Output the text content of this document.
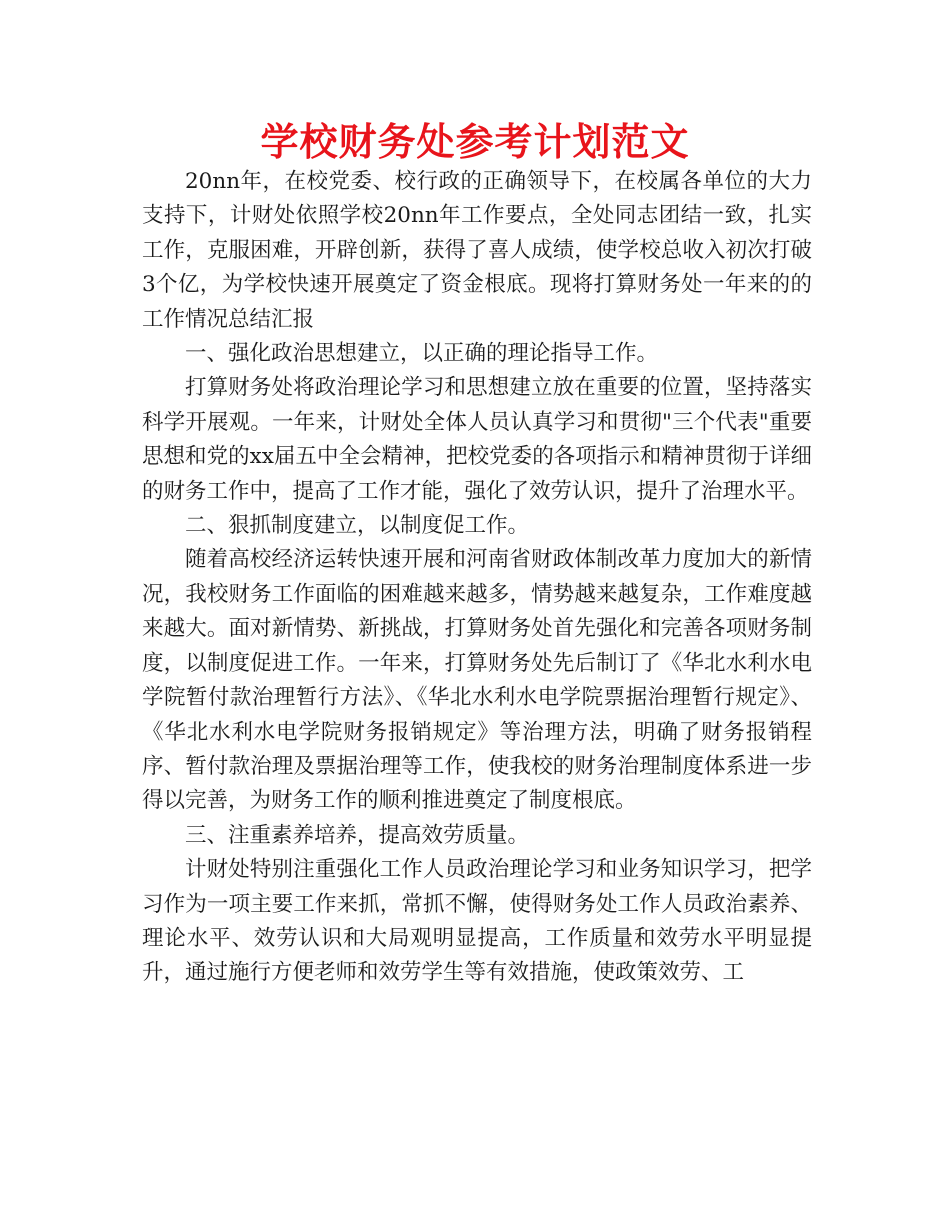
学校财务处参考计划范文

20nn年，在校党委、校行政的正确领导下，在校属各单位的大力支持下，计财处依照学校20nn年工作要点，全处同志团结一致，扎实工作，克服困难，开辟创新，获得了喜人成绩，使学校总收入初次打破3个亿，为学校快速开展奠定了资金根底。现将打算财务处一年来的的工作情况总结汇报

一、强化政治思想建立，以正确的理论指导工作。

打算财务处将政治理论学习和思想建立放在重要的位置，坚持落实科学开展观。一年来，计财处全体人员认真学习和贯彻"三个代表"重要思想和党的xx届五中全会精神，把校党委的各项指示和精神贯彻于详细的财务工作中，提高了工作才能，强化了效劳认识，提升了治理水平。

二、狠抓制度建立，以制度促工作。

随着高校经济运转快速开展和河南省财政体制改革力度加大的新情况，我校财务工作面临的困难越来越多，情势越来越复杂，工作难度越来越大。面对新情势、新挑战，打算财务处首先强化和完善各项财务制度，以制度促进工作。一年来，打算财务处先后制订了《华北水利水电学院暂付款治理暂行方法》、《华北水利水电学院票据治理暂行规定》、《华北水利水电学院财务报销规定》等治理方法，明确了财务报销程序、暂付款治理及票据治理等工作，使我校的财务治理制度体系进一步得以完善，为财务工作的顺利推进奠定了制度根底。

三、注重素养培养，提高效劳质量。

计财处特别注重强化工作人员政治理论学习和业务知识学习，把学习作为一项主要工作来抓，常抓不懈，使得财务处工作人员政治素养、理论水平、效劳认识和大局观明显提高，工作质量和效劳水平明显提升，通过施行方便老师和效劳学生等有效措施，使政策效劳、工
